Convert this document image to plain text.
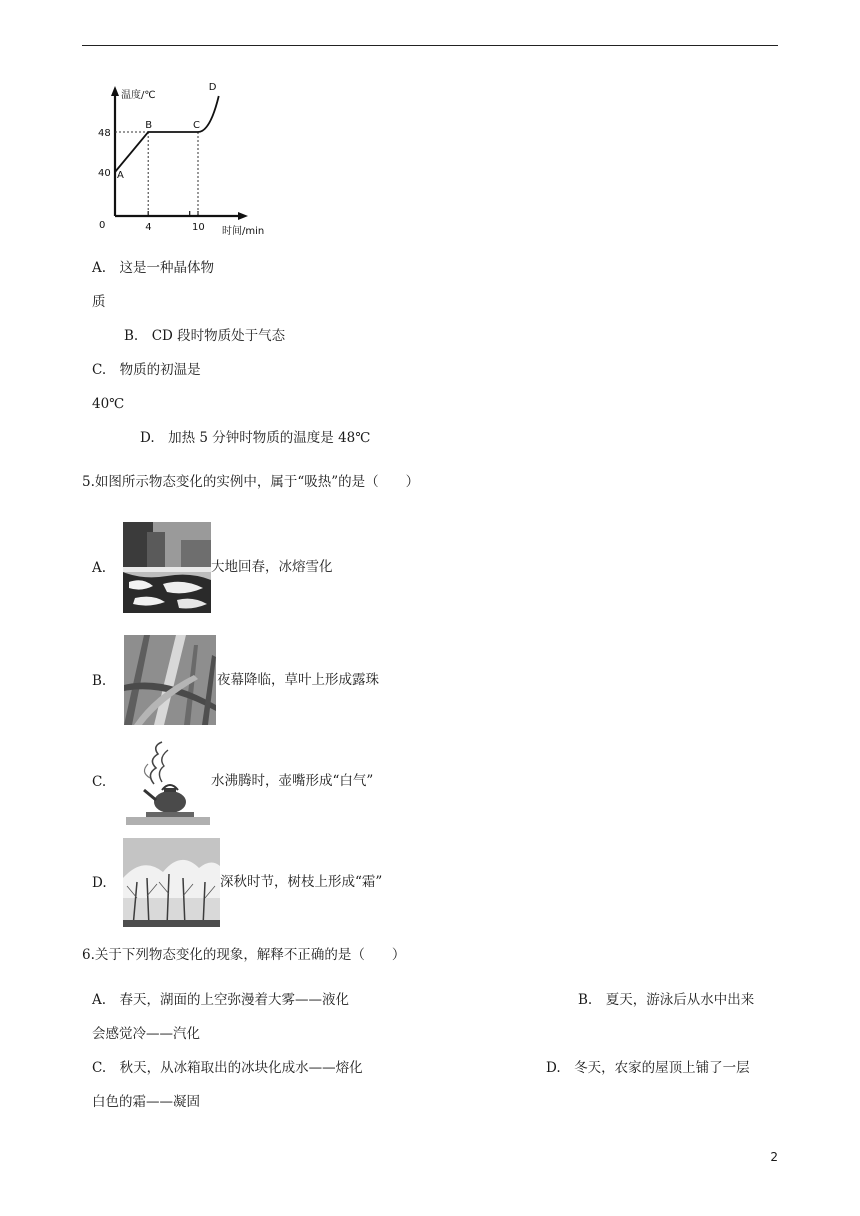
温度/℃
时间/min
0
48
40
4	10
A
B	C
D
A.　这是一种晶体物
质
B.　CD 段时物质处于气态
C.　物质的初温是
40℃
D.　加热 5 分钟时物质的温度是 48℃
5.如图所示物态变化的实例中，属于“吸热”的是（　　）
A.	大地回春，冰熔雪化
B.	夜幕降临，草叶上形成露珠
C.	水沸腾时，壶嘴形成“白气”
D.	深秋时节，树枝上形成“霜”
6.关于下列物态变化的现象，解释不正确的是（　　）
A.　春天，湖面的上空弥漫着大雾——液化	B.　夏天，游泳后从水中出来
会感觉冷——汽化
C.　秋天，从冰箱取出的冰块化成水——熔化	D.　冬天，农家的屋顶上铺了一层
白色的霜——凝固
2
